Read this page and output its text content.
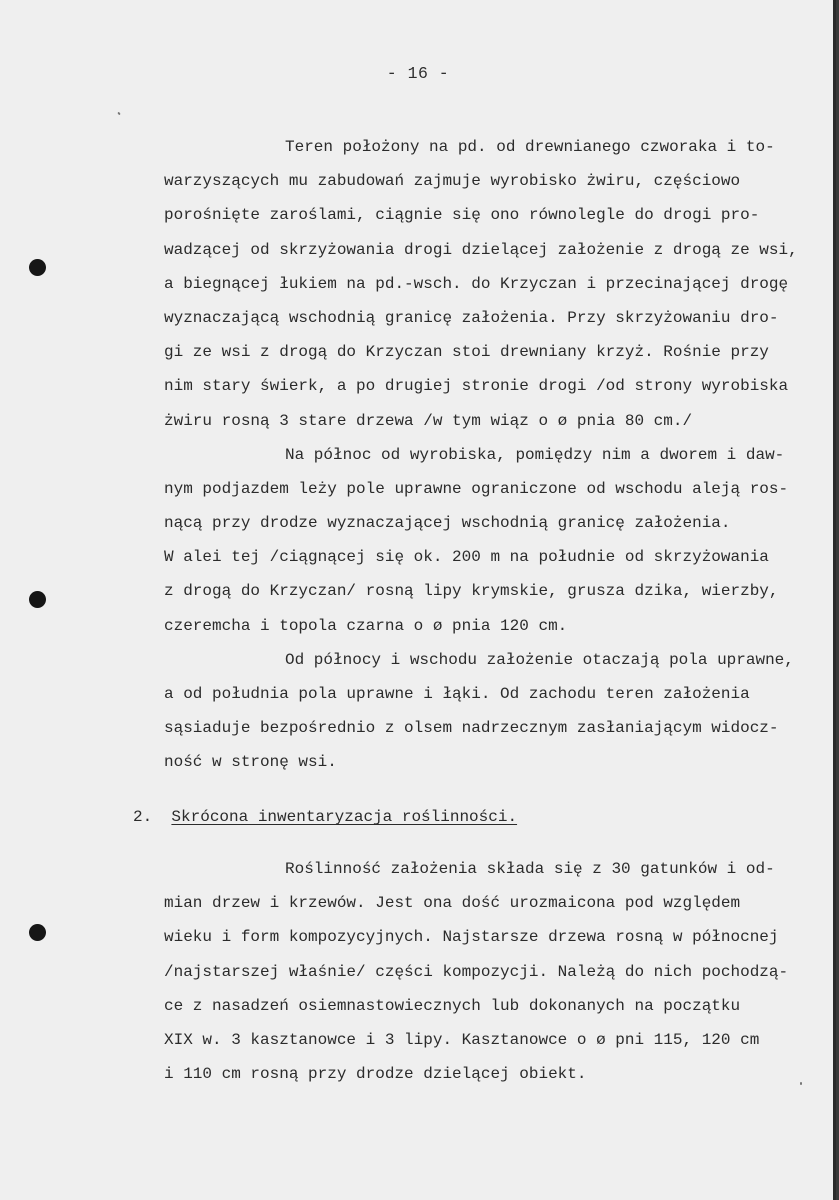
- 16 -
Teren położony na pd. od drewnianego czworaka i to-
warzyszących mu zabudowań zajmuje wyrobisko żwiru, częściowo
porośnięte zaroślami, ciągnie się ono równolegle do drogi pro-
wadzącej od skrzyżowania drogi dzielącej założenie z drogą ze wsi,
a biegnącej łukiem na pd.-wsch. do Krzyczan i przecinającej drogę
wyznaczającą wschodnią granicę założenia. Przy skrzyżowaniu dro-
gi ze wsi z drogą do Krzyczan stoi drewniany krzyż. Rośnie przy
nim stary świerk, a po drugiej stronie drogi /od strony wyrobiska
żwiru rosną 3 stare drzewa /w tym wiąz o ø pnia 80 cm./
Na północ od wyrobiska, pomiędzy nim a dworem i daw-
nym podjazdem leży pole uprawne ograniczone od wschodu aleją ros-
nącą przy drodze wyznaczającej wschodnią granicę założenia.
W alei tej /ciągnącej się ok. 200 m na południe od skrzyżowania
z drogą do Krzyczan/ rosną lipy krymskie, grusza dzika, wierzby,
czeremcha i topola czarna o ø pnia 120 cm.
Od północy i wschodu założenie otaczają pola uprawne,
a od południa pola uprawne i łąki. Od zachodu teren założenia
sąsiaduje bezpośrednio z olsem nadrzecznym zasłaniającym widocz-
ność w stronę wsi.
2. Skrócona inwentaryzacja roślinności.
Roślinność założenia składa się z 30 gatunków i od-
mian drzew i krzewów. Jest ona dość urozmaicona pod względem
wieku i form kompozycyjnych. Najstarsze drzewa rosną w północnej
/najstarszej właśnie/ części kompozycji. Należą do nich pochodzą-
ce z nasadzeń osiemnastowiecznych lub dokonanych na początku
XIX w. 3 kasztanowce i 3 lipy. Kasztanowce o ø pni 115, 120 cm
i 110 cm rosną przy drodze dzielącej obiekt.
